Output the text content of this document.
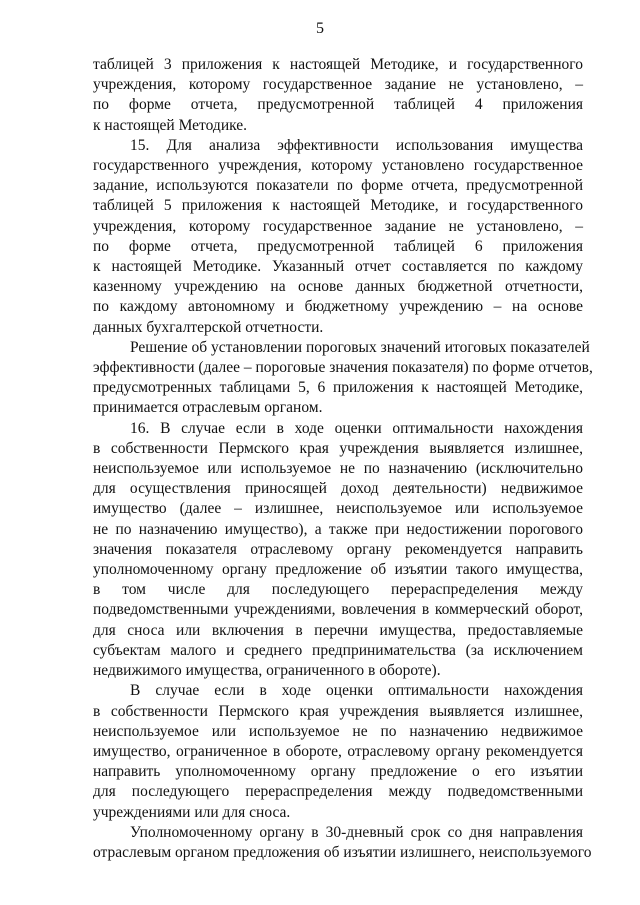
5
таблицей 3 приложения к настоящей Методике, и государственного
учреждения, которому государственное задание не установлено, –
по форме отчета, предусмотренной таблицей 4 приложения
к настоящей Методике.
15. Для анализа эффективности использования имущества
государственного учреждения, которому установлено государственное
задание, используются показатели по форме отчета, предусмотренной
таблицей 5 приложения к настоящей Методике, и государственного
учреждения, которому государственное задание не установлено, –
по форме отчета, предусмотренной таблицей 6 приложения
к настоящей Методике. Указанный отчет составляется по каждому
казенному учреждению на основе данных бюджетной отчетности,
по каждому автономному и бюджетному учреждению – на основе
данных бухгалтерской отчетности.
Решение об установлении пороговых значений итоговых показателей
эффективности (далее – пороговые значения показателя) по форме отчетов,
предусмотренных таблицами 5, 6 приложения к настоящей Методике,
принимается отраслевым органом.
16. В случае если в ходе оценки оптимальности нахождения
в собственности Пермского края учреждения выявляется излишнее,
неиспользуемое или используемое не по назначению (исключительно
для осуществления приносящей доход деятельности) недвижимое
имущество (далее – излишнее, неиспользуемое или используемое
не по назначению имущество), а также при недостижении порогового
значения показателя отраслевому органу рекомендуется направить
уполномоченному органу предложение об изъятии такого имущества,
в том числе для последующего перераспределения между
подведомственными учреждениями, вовлечения в коммерческий оборот,
для сноса или включения в перечни имущества, предоставляемые
субъектам малого и среднего предпринимательства (за исключением
недвижимого имущества, ограниченного в обороте).
В случае если в ходе оценки оптимальности нахождения
в собственности Пермского края учреждения выявляется излишнее,
неиспользуемое или используемое не по назначению недвижимое
имущество, ограниченное в обороте, отраслевому органу рекомендуется
направить уполномоченному органу предложение о его изъятии
для последующего перераспределения между подведомственными
учреждениями или для сноса.
Уполномоченному органу в 30-дневный срок со дня направления
отраслевым органом предложения об изъятии излишнего, неиспользуемого
